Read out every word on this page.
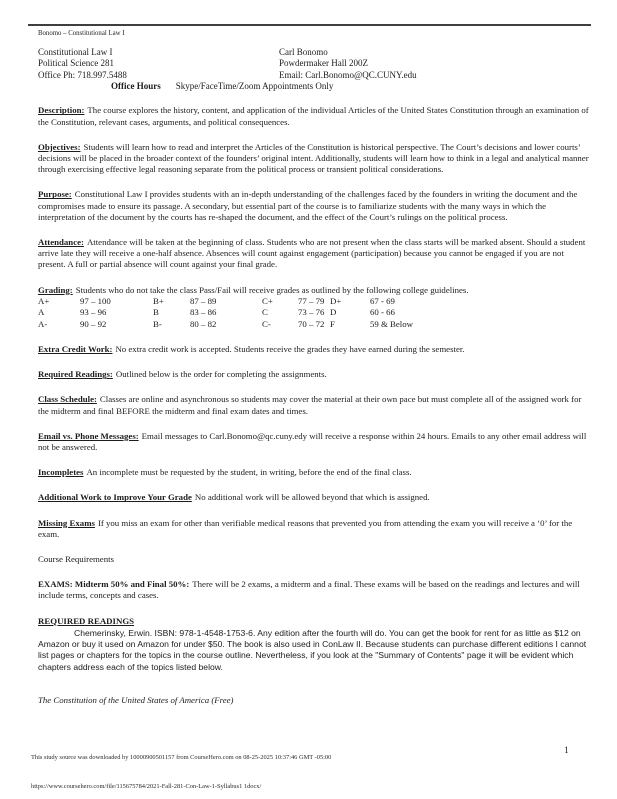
Bonomo – Constitutional Law I
Constitutional Law I	Carl Bonomo
Political Science 281	Powdermaker Hall 200Z
Office Ph: 718.997.5488	Email: Carl.Bonomo@QC.CUNY.edu
Office Hours Skype/FaceTime/Zoom Appointments Only

Description: The course explores the history, content, and application of the individual Articles of the United States Constitution through an examination of the Constitution, relevant cases, arguments, and political consequences.

Objectives: Students will learn how to read and interpret the Articles of the Constitution is historical perspective. The Court’s decisions and lower courts’ decisions will be placed in the broader context of the founders’ original intent. Additionally, students will learn how to think in a legal and analytical manner through exercising effective legal reasoning separate from the political process or transient political considerations.

Purpose: Constitutional Law I provides students with an in-depth understanding of the challenges faced by the founders in writing the document and the compromises made to ensure its passage. A secondary, but essential part of the course is to familiarize students with the many ways in which the interpretation of the document by the courts has re-shaped the document, and the effect of the Court’s rulings on the political process.

Attendance: Attendance will be taken at the beginning of class. Students who are not present when the class starts will be marked absent. Should a student arrive late they will receive a one-half absence. Absences will count against engagement (participation) because you cannot be engaged if you are not present. A full or partial absence will count against your final grade.

Grading: Students who do not take the class Pass/Fail will receive grades as outlined by the following college guidelines.

A+	97 – 100	B+	87 – 89	C+	77 – 79 D+	67 - 69
A	93 – 96	B	83 – 86	C	73 – 76 D	60 - 66
A-	90 – 92	B-	80 – 82	C-	70 – 72 F	59 & Below

Extra Credit Work: No extra credit work is accepted. Students receive the grades they have earned during the semester.

Required Readings: Outlined below is the order for completing the assignments.

Class Schedule: Classes are online and asynchronous so students may cover the material at their own pace but must complete all of the assigned work for the midterm and final BEFORE the midterm and final exam dates and times.

Email vs. Phone Messages: Email messages to Carl.Bonomo@qc.cuny.edy will receive a response within 24 hours. Emails to any other email address will not be answered.

Incompletes An incomplete must be requested by the student, in writing, before the end of the final class.

Additional Work to Improve Your Grade No additional work will be allowed beyond that which is assigned.

Missing Exams If you miss an exam for other than verifiable medical reasons that prevented you from attending the exam you will receive a ‘0’ for the exam.

Course Requirements

EXAMS: Midterm 50% and Final 50%: There will be 2 exams, a midterm and a final. These exams will be based on the readings and lectures and will include terms, concepts and cases.

REQUIRED READINGS

Chemerinsky, Erwin. ISBN: 978-1-4548-1753-6. Any edition after the fourth will do. You can get the book for rent for as little as $12 on Amazon or buy it used on Amazon for under $50. The book is also used in ConLaw II. Because students can purchase different editions I cannot list pages or chapters for the topics in the course outline. Nevertheless, if you look at the "Summary of Contents" page it will be evident which chapters address each of the topics listed below.

The Constitution of the United States of America (Free)

This study source was downloaded by 10000900501157 from CourseHero.com on 08-25-2025 10:37:46 GMT -05:00
https://www.coursehero.com/file/115675784/2021-Fall-281-Con-Law-1-Syllabus1 1docx/
1
